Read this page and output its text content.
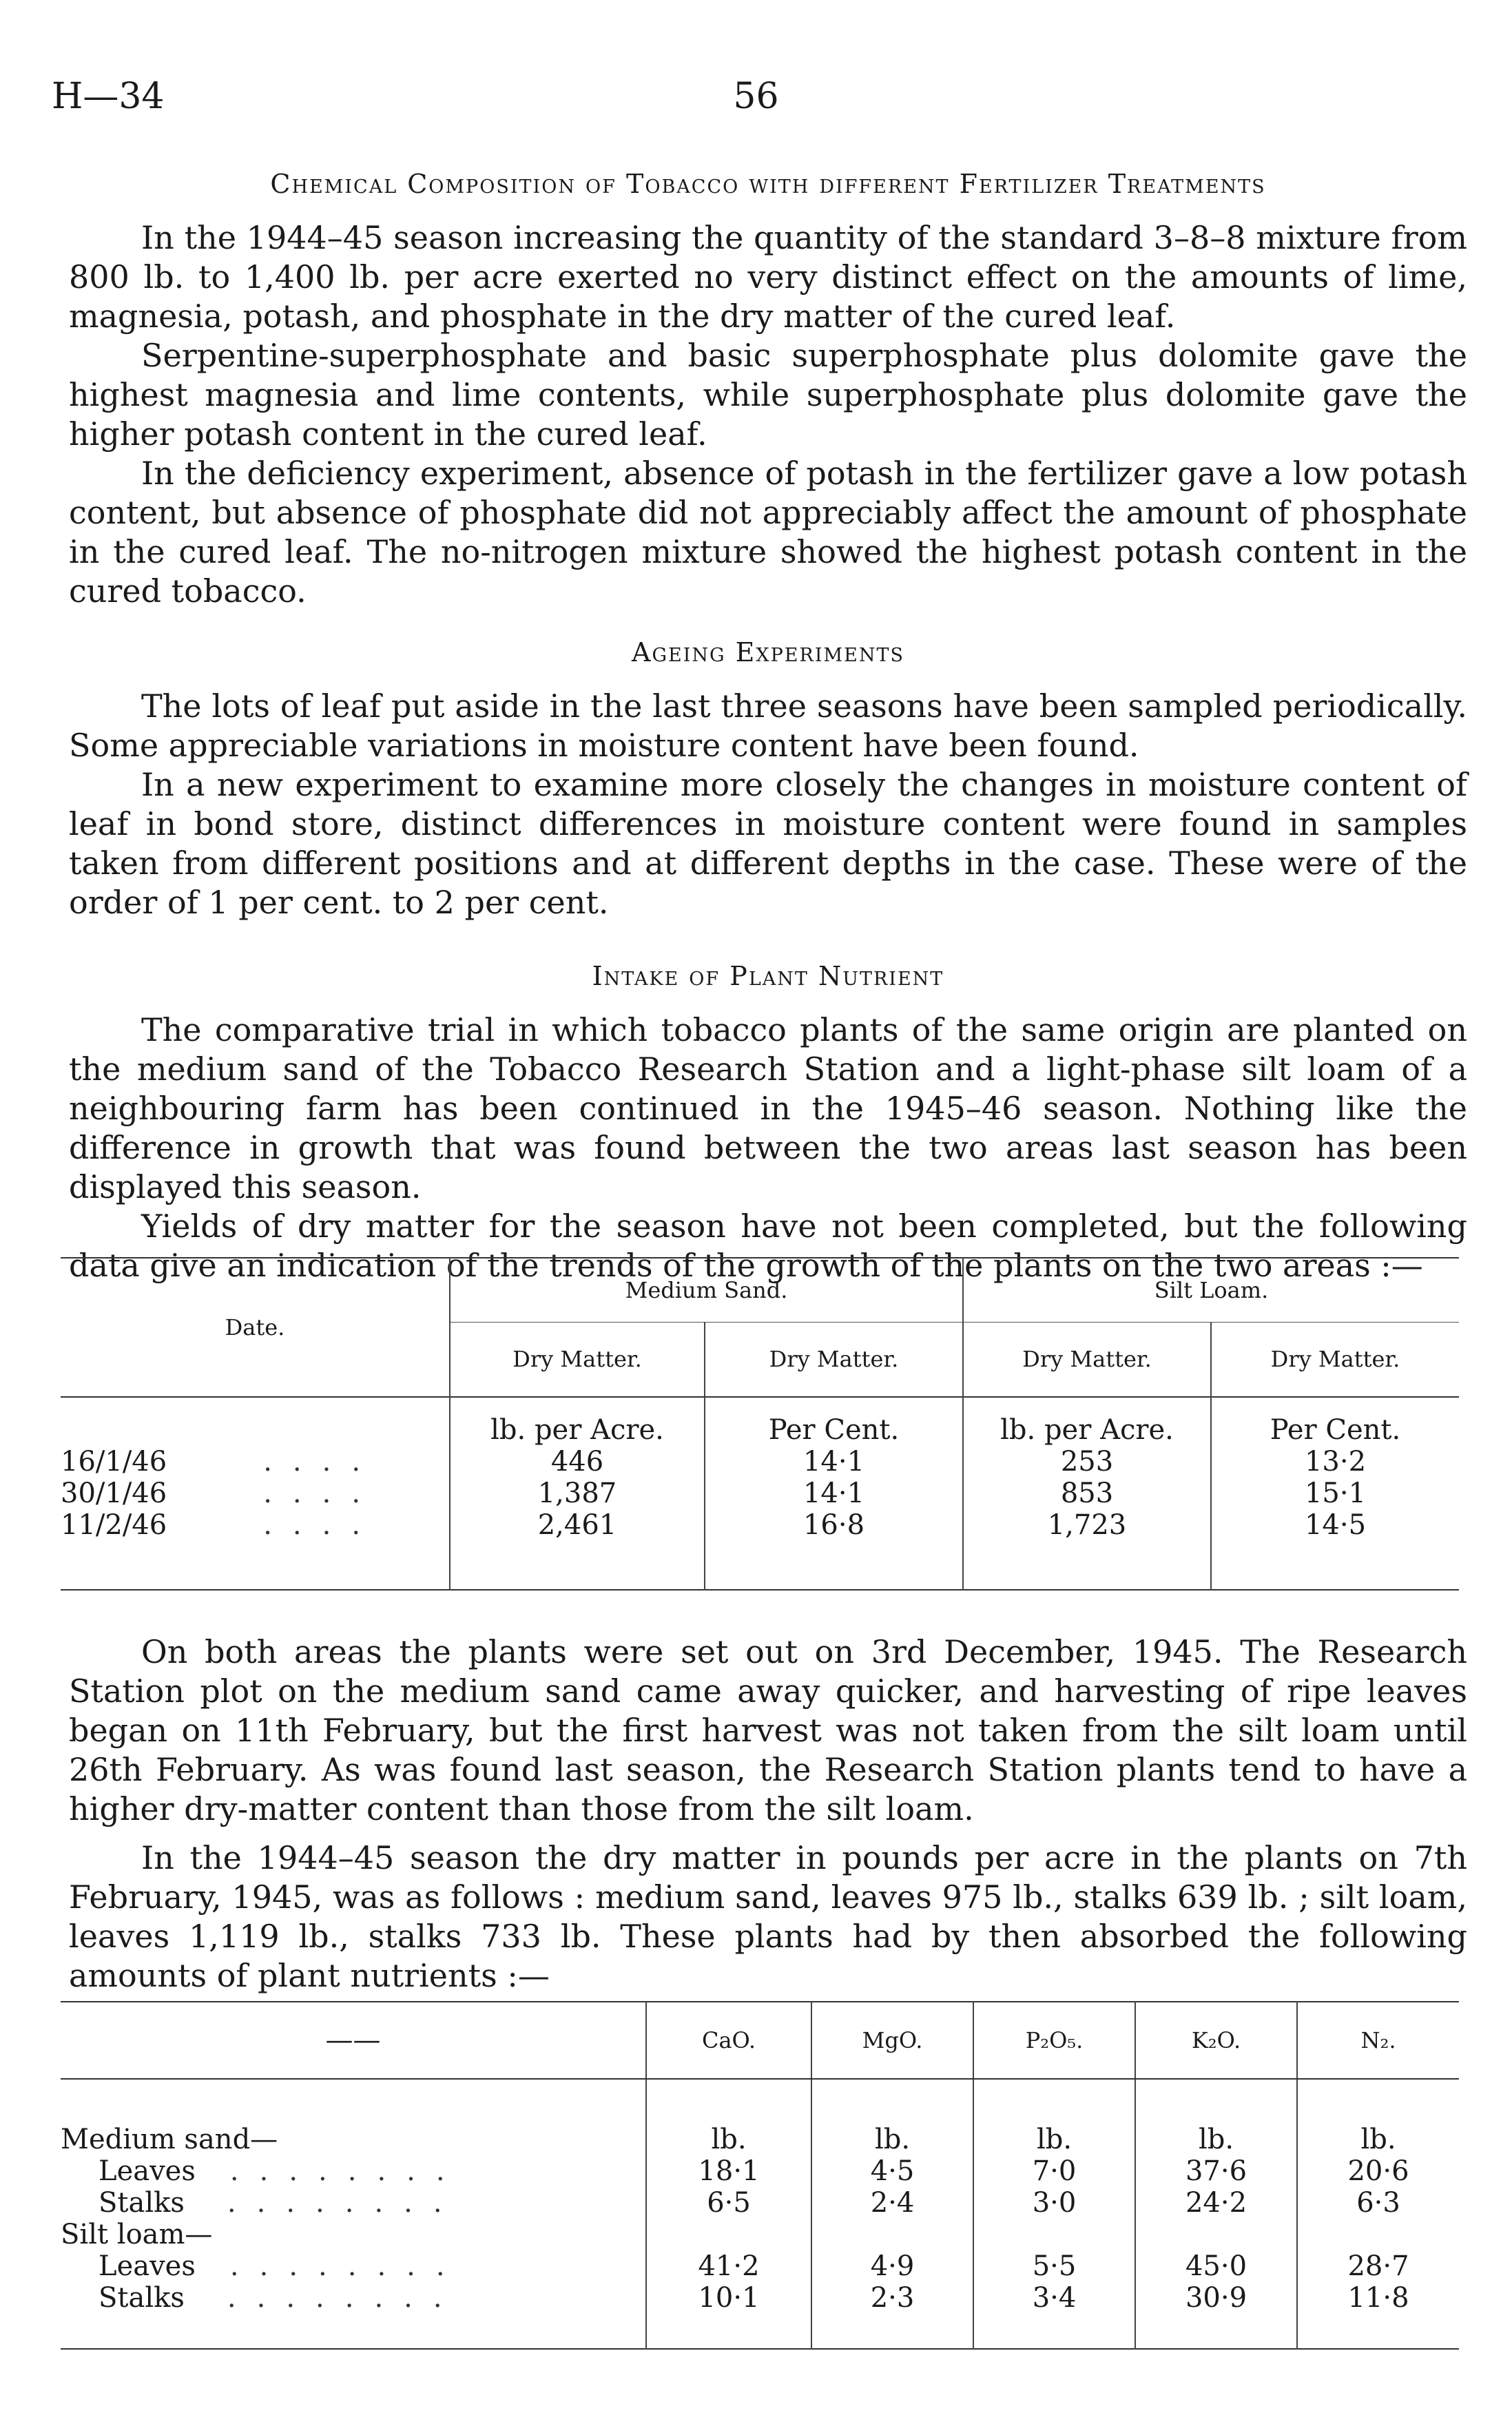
H—34	56
Chemical Composition of Tobacco with different Fertilizer Treatments

In the 1944–45 season increasing the quantity of the standard 3–8–8 mixture from 800 lb. to 1,400 lb. per acre exerted no very distinct effect on the amounts of lime, magnesia, potash, and phosphate in the dry matter of the cured leaf.

Serpentine-superphosphate and basic superphosphate plus dolomite gave the highest magnesia and lime contents, while superphosphate plus dolomite gave the higher potash content in the cured leaf.

In the deficiency experiment, absence of potash in the fertilizer gave a low potash content, but absence of phosphate did not appreciably affect the amount of phosphate in the cured leaf. The no-nitrogen mixture showed the highest potash content in the cured tobacco.

Ageing Experiments

The lots of leaf put aside in the last three seasons have been sampled periodically. Some appreciable variations in moisture content have been found.

In a new experiment to examine more closely the changes in moisture content of leaf in bond store, distinct differences in moisture content were found in samples taken from different positions and at different depths in the case. These were of the order of 1 per cent. to 2 per cent.

Intake of Plant Nutrient

The comparative trial in which tobacco plants of the same origin are planted on the medium sand of the Tobacco Research Station and a light-phase silt loam of a neighbouring farm has been continued in the 1945–46 season. Nothing like the difference in growth that was found between the two areas last season has been displayed this season.

Yields of dry matter for the season have not been completed, but the following data give an indication of the trends of the growth of the plants on the two areas :—

Date.	Medium Sand.		Silt Loam.	
	Dry Matter.	Dry Matter.	Dry Matter.	Dry Matter.
	lb. per Acre.	Per Cent.	lb. per Acre.	Per Cent.
16/1/46 ....	446	14·1	253	13·2
30/1/46 ....	1,387	14·1	853	15·1
11/2/46 ....	2,461	16·8	1,723	14·5

On both areas the plants were set out on 3rd December, 1945. The Research Station plot on the medium sand came away quicker, and harvesting of ripe leaves began on 11th February, but the first harvest was not taken from the silt loam until 26th February. As was found last season, the Research Station plants tend to have a higher dry-matter content than those from the silt loam.

In the 1944–45 season the dry matter in pounds per acre in the plants on 7th February, 1945, was as follows : medium sand, leaves 975 lb., stalks 639 lb. ; silt loam, leaves 1,119 lb., stalks 733 lb. These plants had by then absorbed the following amounts of plant nutrients :—

——	CaO.	MgO.	P₂O₅.	K₂O.	N₂.
Medium sand—	lb.	lb.	lb.	lb.	lb.
Leaves ........	18·1	4·5	7·0	37·6	20·6
Stalks ........	6·5	2·4	3·0	24·2	6·3
Silt loam—					
Leaves ........	41·2	4·9	5·5	45·0	28·7
Stalks ........	10·1	2·3	3·4	30·9	11·8
